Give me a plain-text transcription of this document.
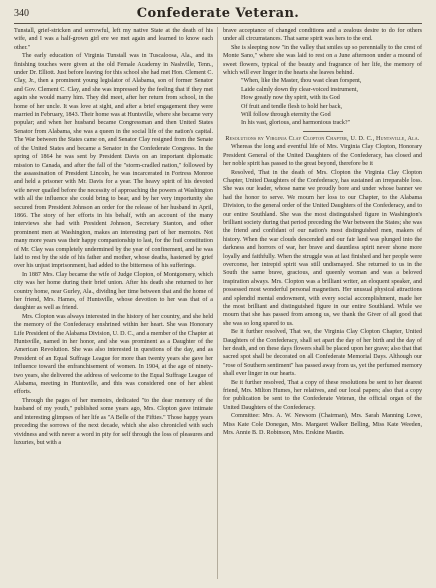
340	Confederate Veteran.

Tunstall, grief-stricken and sorrowful, left my native State at the death of his wife, and I was a half-grown girl ere we met again and learned to know each other."

The early education of Virginia Tunstall was in Tuscaloosa, Ala., and its finishing touches were given at the old Female Academy in Nashville, Tenn., under Dr. Elliott. Just before leaving for this school she had met Hon. Clement C. Clay, Jr., then a prominent young legislator of Alabama, son of former Senator and Gov. Clement C. Clay, and she was impressed by the feeling that if they met again she would marry him. They did meet, after her return from school, in the home of her uncle. It was love at sight, and after a brief engagement they were married in February, 1843. Their home was at Huntsville, where she became very popular; and when her husband became Congressman and then United States Senator from Alabama, she was a queen in the social life of the nation's capital. The War between the States came on, and Senator Clay resigned from the Senate of the United States and became a Senator in the Confederate Congress. In the spring of 1864 he was sent by President Davis on an important diplomatic mission to Canada, and after the fall of the "storm-cradled nation," followed by the assassination of President Lincoln, he was incarcerated in Fortress Monroe and held a prisoner with Mr. Davis for a year. The heavy spirit of his devoted wife never quailed before the necessity of approaching the powers at Washington with all the influence she could bring to bear, and by her very importunity she secured from President Johnson an order for the release of her husband in April, 1866. The story of her efforts in his behalf, with an account of the many interviews she had with President Johnson, Secretary Stanton, and other prominent men at Washington, makes an interesting part of her memoirs. Not many more years was their happy companionship to last, for the frail constitution of Mr. Clay was completely undermined by the year of confinement, and he was laid to rest by the side of his father and mother, whose deaths, hastened by grief over his unjust imprisonment, had added to the bitterness of his sufferings.

In 1887 Mrs. Clay became the wife of Judge Clopton, of Montgomery, which city was her home during their brief union. After his death she returned to her country home, near Gurley, Ala., dividing her time between that and the home of her friend, Mrs. Hames, of Huntsville, whose devotion to her was that of a daughter as well as friend.

Mrs. Clopton was always interested in the history of her country, and she held the memory of the Confederacy enshrined within her heart. She was Honorary Life President of the Alabama Division, U. D. C., and a member of the Chapter at Huntsville, named in her honor, and she was prominent as a Daughter of the American Revolution. She was also interested in questions of the day, and as President of an Equal Suffrage League for more than twenty years she gave her influence toward the enfranchisement of women. In 1904, at the age of ninety-two years, she delivered the address of welcome to the Equal Suffrage League of Alabama, meeting in Huntsville, and this was considered one of her ablest efforts.

Through the pages of her memoirs, dedicated "to the dear memory of the husband of my youth," published some years ago, Mrs. Clopton gave intimate and interesting glimpses of her life as "A Belle of the Fifties." Those happy years preceding the sorrows of the next decade, which she also chronicled with such vividness and with never a word in pity for self through the loss of pleasures and luxuries, but with a

brave acceptance of changed conditions and a zealous desire to do for others under all circumstances. That same spirit was hers to the end.

She is sleeping now "in the valley that smiles up so perennially to the crest of Monte Sano," where she was laid to rest on a June afternoon under a mound of sweet flowers, typical of the beauty and fragrance of her life, the memory of which will ever linger in the hearts she leaves behind.

"When, like the Master, thou wast clean forspent,
Laide calmly down thy clear-voiced instrument,
How greatly now thy spirit, with its God
Of fruit and tendle flesh to hold her back,
Will follow through eternity the God
In his vast, glorious, and harmonious track?"

Resolutions by Virginia Clay Clopton Chapter, U. D. C., Huntsville, Ala.

Whereas the long and eventful life of Mrs. Virginia Clay Clopton, Honorary President General of the United Daughters of the Confederacy, has closed and her noble spirit has passed to the great beyond, therefore be it

Resolved, That in the death of Mrs. Clopton the Virginia Clay Clopton Chapter, United Daughters of the Confederacy, has sustained an irreparable loss. She was our leader, whose name we proudly bore and under whose banner we had the honor to serve. We mourn her loss to our Chapter, to the Alabama Division, to the general order of the United Daughters of the Confederacy, and to our entire Southland. She was the most distinguished figure in Washington's brilliant society during that period preceding the War between the States; she was the friend and confidant of our nation's most distinguished men, makers of history. When the war clouds descended and our fair land was plunged into the darkness and horrors of war, her brave and dauntless spirit never shone more loyally and faithfully. When the struggle was at last finished and her people were overcome, her intrepid spirit was still undismayed. She returned to us in the South the same brave, gracious, and queenly woman and was a beloved inspiration always. Mrs. Clopton was a brilliant writer, an eloquent speaker, and possessed most wonderful personal magnetism. Her unusual physical attractions and splendid mental endowment, with every social accomplishment, made her the most brilliant and distinguished figure in our entire Southland. While we mourn that she has passed from among us, we thank the Giver of all good that she was so long spared to us.

Be it further resolved, That we, the Virginia Clay Clopton Chapter, United Daughters of the Confederacy, shall set apart the day of her birth and the day of her death, and on these days flowers shall be placed upon her grave; also that that sacred spot shall be decorated on all Confederate Memorial Days. Although our "rose of Southern sentiment" has passed away from us, yet the perfumed memory shall ever linger in our hearts.

Be it further resolved, That a copy of these resolutions be sent to her dearest friend, Mrs. Milton Humes, her relatives, and our local papers; also that a copy for publication be sent to the Confederate Veteran, the official organ of the United Daughters of the Confederacy.

Committee: Mrs. A. W. Newsom (Chairman), Mrs. Sarah Manning Lowe, Miss Kate Cole Donegan, Mrs. Margaret Walker Belling, Miss Kate Weeden, Mrs. Annie B. D. Robinson, Mrs. Erskine Mastin.
